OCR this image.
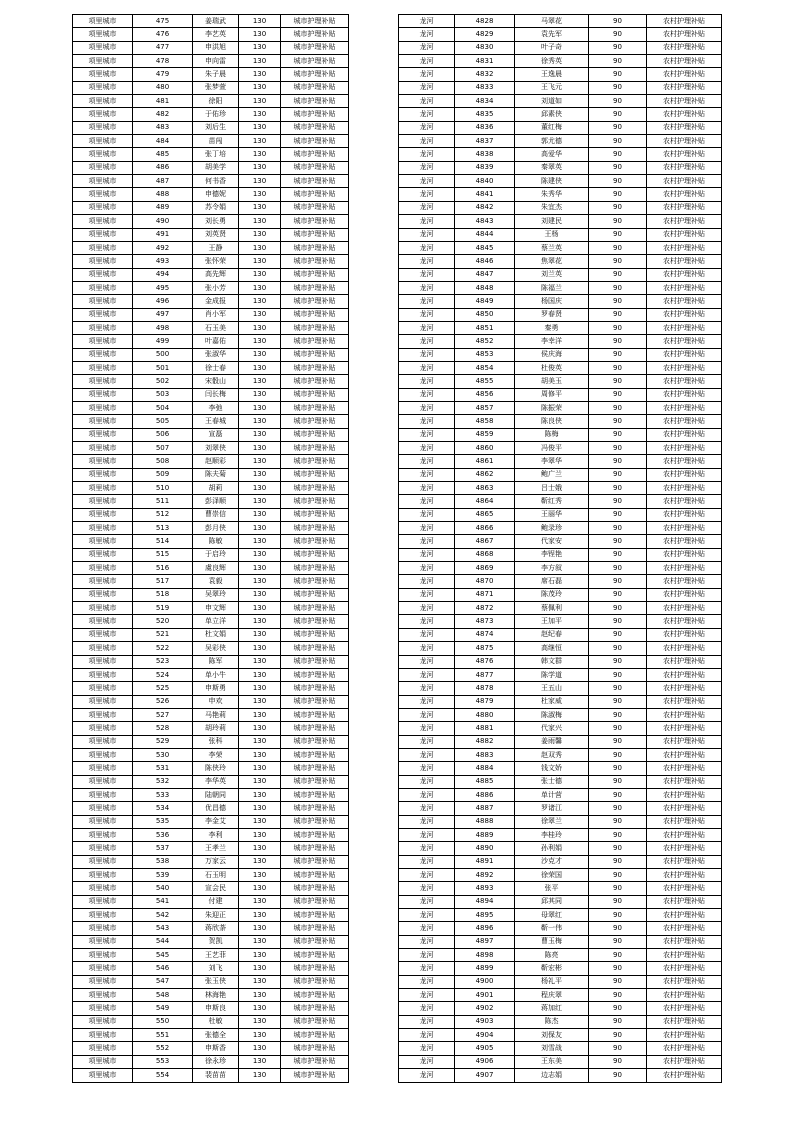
项里城市	475	姜瑞武	130	城市护理补贴
项里城市	476	李艺英	130	城市护理补贴
项里城市	477	申洪旭	130	城市护理补贴
项里城市	478	申向雷	130	城市护理补贴
项里城市	479	朱子晨	130	城市护理补贴
项里城市	480	张梦萱	130	城市护理补贴
项里城市	481	徐阳	130	城市护理补贴
项里城市	482	于佑珍	130	城市护理补贴
项里城市	483	刘后生	130	城市护理补贴
项里城市	484	苗闯	130	城市护理补贴
项里城市	485	张丁培	130	城市护理补贴
项里城市	486	胡美学	130	城市护理补贴
项里城市	487	何书香	130	城市护理补贴
项里城市	488	申德妮	130	城市护理补贴
项里城市	489	苏令娟	130	城市护理补贴
项里城市	490	刘长勇	130	城市护理补贴
项里城市	491	刘英贤	130	城市护理补贴
项里城市	492	王静	130	城市护理补贴
项里城市	493	张怀荣	130	城市护理补贴
项里城市	494	高先辉	130	城市护理补贴
项里城市	495	张小芳	130	城市护理补贴
项里城市	496	金成报	130	城市护理补贴
项里城市	497	肖小军	130	城市护理补贴
项里城市	498	石玉美	130	城市护理补贴
项里城市	499	叶嘉佑	130	城市护理补贴
项里城市	500	张淑华	130	城市护理补贴
项里城市	501	徐士春	130	城市护理补贴
项里城市	502	宋骰山	130	城市护理补贴
项里城市	503	闫长梅	130	城市护理补贴
项里城市	504	李弛	130	城市护理补贴
项里城市	505	王春城	130	城市护理补贴
项里城市	506	宣磊	130	城市护理补贴
项里城市	507	刘翠侠	130	城市护理补贴
项里城市	508	赵顺彩	130	城市护理补贴
项里城市	509	陈夫菊	130	城市护理补贴
项里城市	510	胡莉	130	城市护理补贴
项里城市	511	彭泽顺	130	城市护理补贴
项里城市	512	曹崇信	130	城市护理补贴
项里城市	513	彭月侠	130	城市护理补贴
项里城市	514	陈敏	130	城市护理补贴
项里城市	515	于启玲	130	城市护理补贴
项里城市	516	虞良辉	130	城市护理补贴
项里城市	517	袁毅	130	城市护理补贴
项里城市	518	吴翠玲	130	城市护理补贴
项里城市	519	申文辉	130	城市护理补贴
项里城市	520	单立洋	130	城市护理补贴
项里城市	521	杜文娟	130	城市护理补贴
项里城市	522	吴彩侠	130	城市护理补贴
项里城市	523	陈军	130	城市护理补贴
项里城市	524	单小牛	130	城市护理补贴
项里城市	525	申斯勇	130	城市护理补贴
项里城市	526	申欢	130	城市护理补贴
项里城市	527	马艳莉	130	城市护理补贴
项里城市	528	胡玲莉	130	城市护理补贴
项里城市	529	张科	130	城市护理补贴
项里城市	530	李荣	130	城市护理补贴
项里城市	531	陈侠玲	130	城市护理补贴
项里城市	532	李华英	130	城市护理补贴
项里城市	533	陆朝同	130	城市护理补贴
项里城市	534	优昌德	130	城市护理补贴
项里城市	535	李金艾	130	城市护理补贴
项里城市	536	李利	130	城市护理补贴
项里城市	537	王孝兰	130	城市护理补贴
项里城市	538	万家云	130	城市护理补贴
项里城市	539	石玉明	130	城市护理补贴
项里城市	540	宣会民	130	城市护理补贴
项里城市	541	付建	130	城市护理补贴
项里城市	542	朱迎正	130	城市护理补贴
项里城市	543	蒋欣荼	130	城市护理补贴
项里城市	544	贺凯	130	城市护理补贴
项里城市	545	王艺菲	130	城市护理补贴
项里城市	546	刘飞	130	城市护理补贴
项里城市	547	张玉侠	130	城市护理补贴
项里城市	548	林海艳	130	城市护理补贴
项里城市	549	申斯良	130	城市护理补贴
项里城市	550	杜敏	130	城市护理补贴
项里城市	551	张德全	130	城市护理补贴
项里城市	552	申斯香	130	城市护理补贴
项里城市	553	徐永珍	130	城市护理补贴
项里城市	554	裴苗苗	130	城市护理补贴
龙河	4828	马翠花	90	农村护理补贴
龙河	4829	袁先军	90	农村护理补贴
龙河	4830	叶子奇	90	农村护理补贴
龙河	4831	徐秀英	90	农村护理补贴
龙河	4832	王逸晨	90	农村护理补贴
龙河	4833	王飞元	90	农村护理补贴
龙河	4834	刘道如	90	农村护理补贴
龙河	4835	邱素侠	90	农村护理补贴
龙河	4836	董红梅	90	农村护理补贴
龙河	4837	郭尤德	90	农村护理补贴
龙河	4838	高爱华	90	农村护理补贴
龙河	4839	秦翠英	90	农村护理补贴
龙河	4840	陈建侠	90	农村护理补贴
龙河	4841	朱秀华	90	农村护理补贴
龙河	4842	朱宜杰	90	农村护理补贴
龙河	4843	刘建民	90	农村护理补贴
龙河	4844	王杨	90	农村护理补贴
龙河	4845	蔡兰英	90	农村护理补贴
龙河	4846	焦翠花	90	农村护理补贴
龙河	4847	刘兰英	90	农村护理补贴
龙河	4848	陈福兰	90	农村护理补贴
龙河	4849	杨国庆	90	农村护理补贴
龙河	4850	罗春贤	90	农村护理补贴
龙河	4851	秦勇	90	农村护理补贴
龙河	4852	李幸洋	90	农村护理补贴
龙河	4853	侯庆海	90	农村护理补贴
龙河	4854	杜俊英	90	农村护理补贴
龙河	4855	胡美玉	90	农村护理补贴
龙河	4856	周修平	90	农村护理补贴
龙河	4857	陈振荣	90	农村护理补贴
龙河	4858	陈良侠	90	农村护理补贴
龙河	4859	陈梅	90	农村护理补贴
龙河	4860	冯俊平	90	农村护理补贴
龙河	4861	李翠华	90	农村护理补贴
龙河	4862	鲍广兰	90	农村护理补贴
龙河	4863	吕士娥	90	农村护理补贴
龙河	4864	靳红秀	90	农村护理补贴
龙河	4865	王丽华	90	农村护理补贴
龙河	4866	鲍录珍	90	农村护理补贴
龙河	4867	代家安	90	农村护理补贴
龙河	4868	李锃艳	90	农村护理补贴
龙河	4869	李方叙	90	农村护理补贴
龙河	4870	席石磊	90	农村护理补贴
龙河	4871	陈茂玲	90	农村护理补贴
龙河	4872	蔡佩利	90	农村护理补贴
龙河	4873	王加平	90	农村护理补贴
龙河	4874	赵纪春	90	农村护理补贴
龙河	4875	高继恒	90	农村护理补贴
龙河	4876	韩文群	90	农村护理补贴
龙河	4877	陈学道	90	农村护理补贴
龙河	4878	王五山	90	农村护理补贴
龙河	4879	杜家威	90	农村护理补贴
龙河	4880	陈淑梅	90	农村护理补贴
龙河	4881	代家兴	90	农村护理补贴
龙河	4882	姜雨馨	90	农村护理补贴
龙河	4883	赵双秀	90	农村护理补贴
龙河	4884	钱文娇	90	农村护理补贴
龙河	4885	张士德	90	农村护理补贴
龙河	4886	单计营	90	农村护理补贴
龙河	4887	罗诸江	90	农村护理补贴
龙河	4888	徐翠兰	90	农村护理补贴
龙河	4889	李桂玲	90	农村护理补贴
龙河	4890	孙利娟	90	农村护理补贴
龙河	4891	沙克才	90	农村护理补贴
龙河	4892	徐荣国	90	农村护理补贴
龙河	4893	张平	90	农村护理补贴
龙河	4894	邱其同	90	农村护理补贴
龙河	4895	母翠红	90	农村护理补贴
龙河	4896	靳一伟	90	农村护理补贴
龙河	4897	曹玉梅	90	农村护理补贴
龙河	4898	陈亮	90	农村护理补贴
龙河	4899	靳宏彬	90	农村护理补贴
龙河	4900	杨礼平	90	农村护理补贴
龙河	4901	程庆翠	90	农村护理补贴
龙河	4902	蒋加红	90	农村护理补贴
龙河	4903	陈杰	90	农村护理补贴
龙河	4904	刘保友	90	农村护理补贴
龙河	4905	刘雪战	90	农村护理补贴
龙河	4906	王东美	90	农村护理补贴
龙河	4907	边志娟	90	农村护理补贴
